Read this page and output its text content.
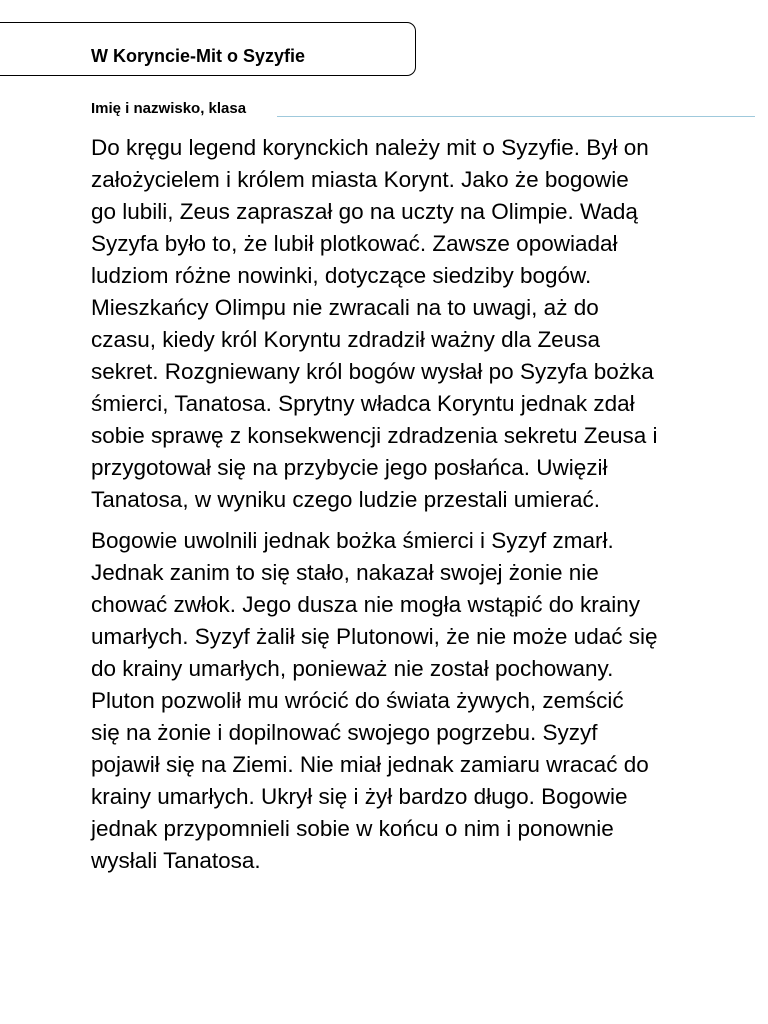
W Koryncie-Mit o Syzyfie
Imię i nazwisko, klasa

Do kręgu legend korynckich należy mit o Syzyfie. Był on
założycielem i królem miasta Korynt. Jako że bogowie
go lubili, Zeus zapraszał go na uczty na Olimpie. Wadą
Syzyfa było to, że lubił plotkować. Zawsze opowiadał
ludziom różne nowinki, dotyczące siedziby bogów.
Mieszkańcy Olimpu nie zwracali na to uwagi, aż do
czasu, kiedy król Koryntu zdradził ważny dla Zeusa
sekret. Rozgniewany król bogów wysłał po Syzyfa bożka
śmierci, Tanatosa. Sprytny władca Koryntu jednak zdał
sobie sprawę z konsekwencji zdradzenia sekretu Zeusa i
przygotował się na przybycie jego posłańca. Uwięził
Tanatosa, w wyniku czego ludzie przestali umierać.

Bogowie uwolnili jednak bożka śmierci i Syzyf zmarł.
Jednak zanim to się stało, nakazał swojej żonie nie
chować zwłok. Jego dusza nie mogła wstąpić do krainy
umarłych. Syzyf żalił się Plutonowi, że nie może udać się
do krainy umarłych, ponieważ nie został pochowany.
Pluton pozwolił mu wrócić do świata żywych, zemścić
się na żonie i dopilnować swojego pogrzebu. Syzyf
pojawił się na Ziemi. Nie miał jednak zamiaru wracać do
krainy umarłych. Ukrył się i żył bardzo długo. Bogowie
jednak przypomnieli sobie w końcu o nim i ponownie
wysłali Tanatosa.
